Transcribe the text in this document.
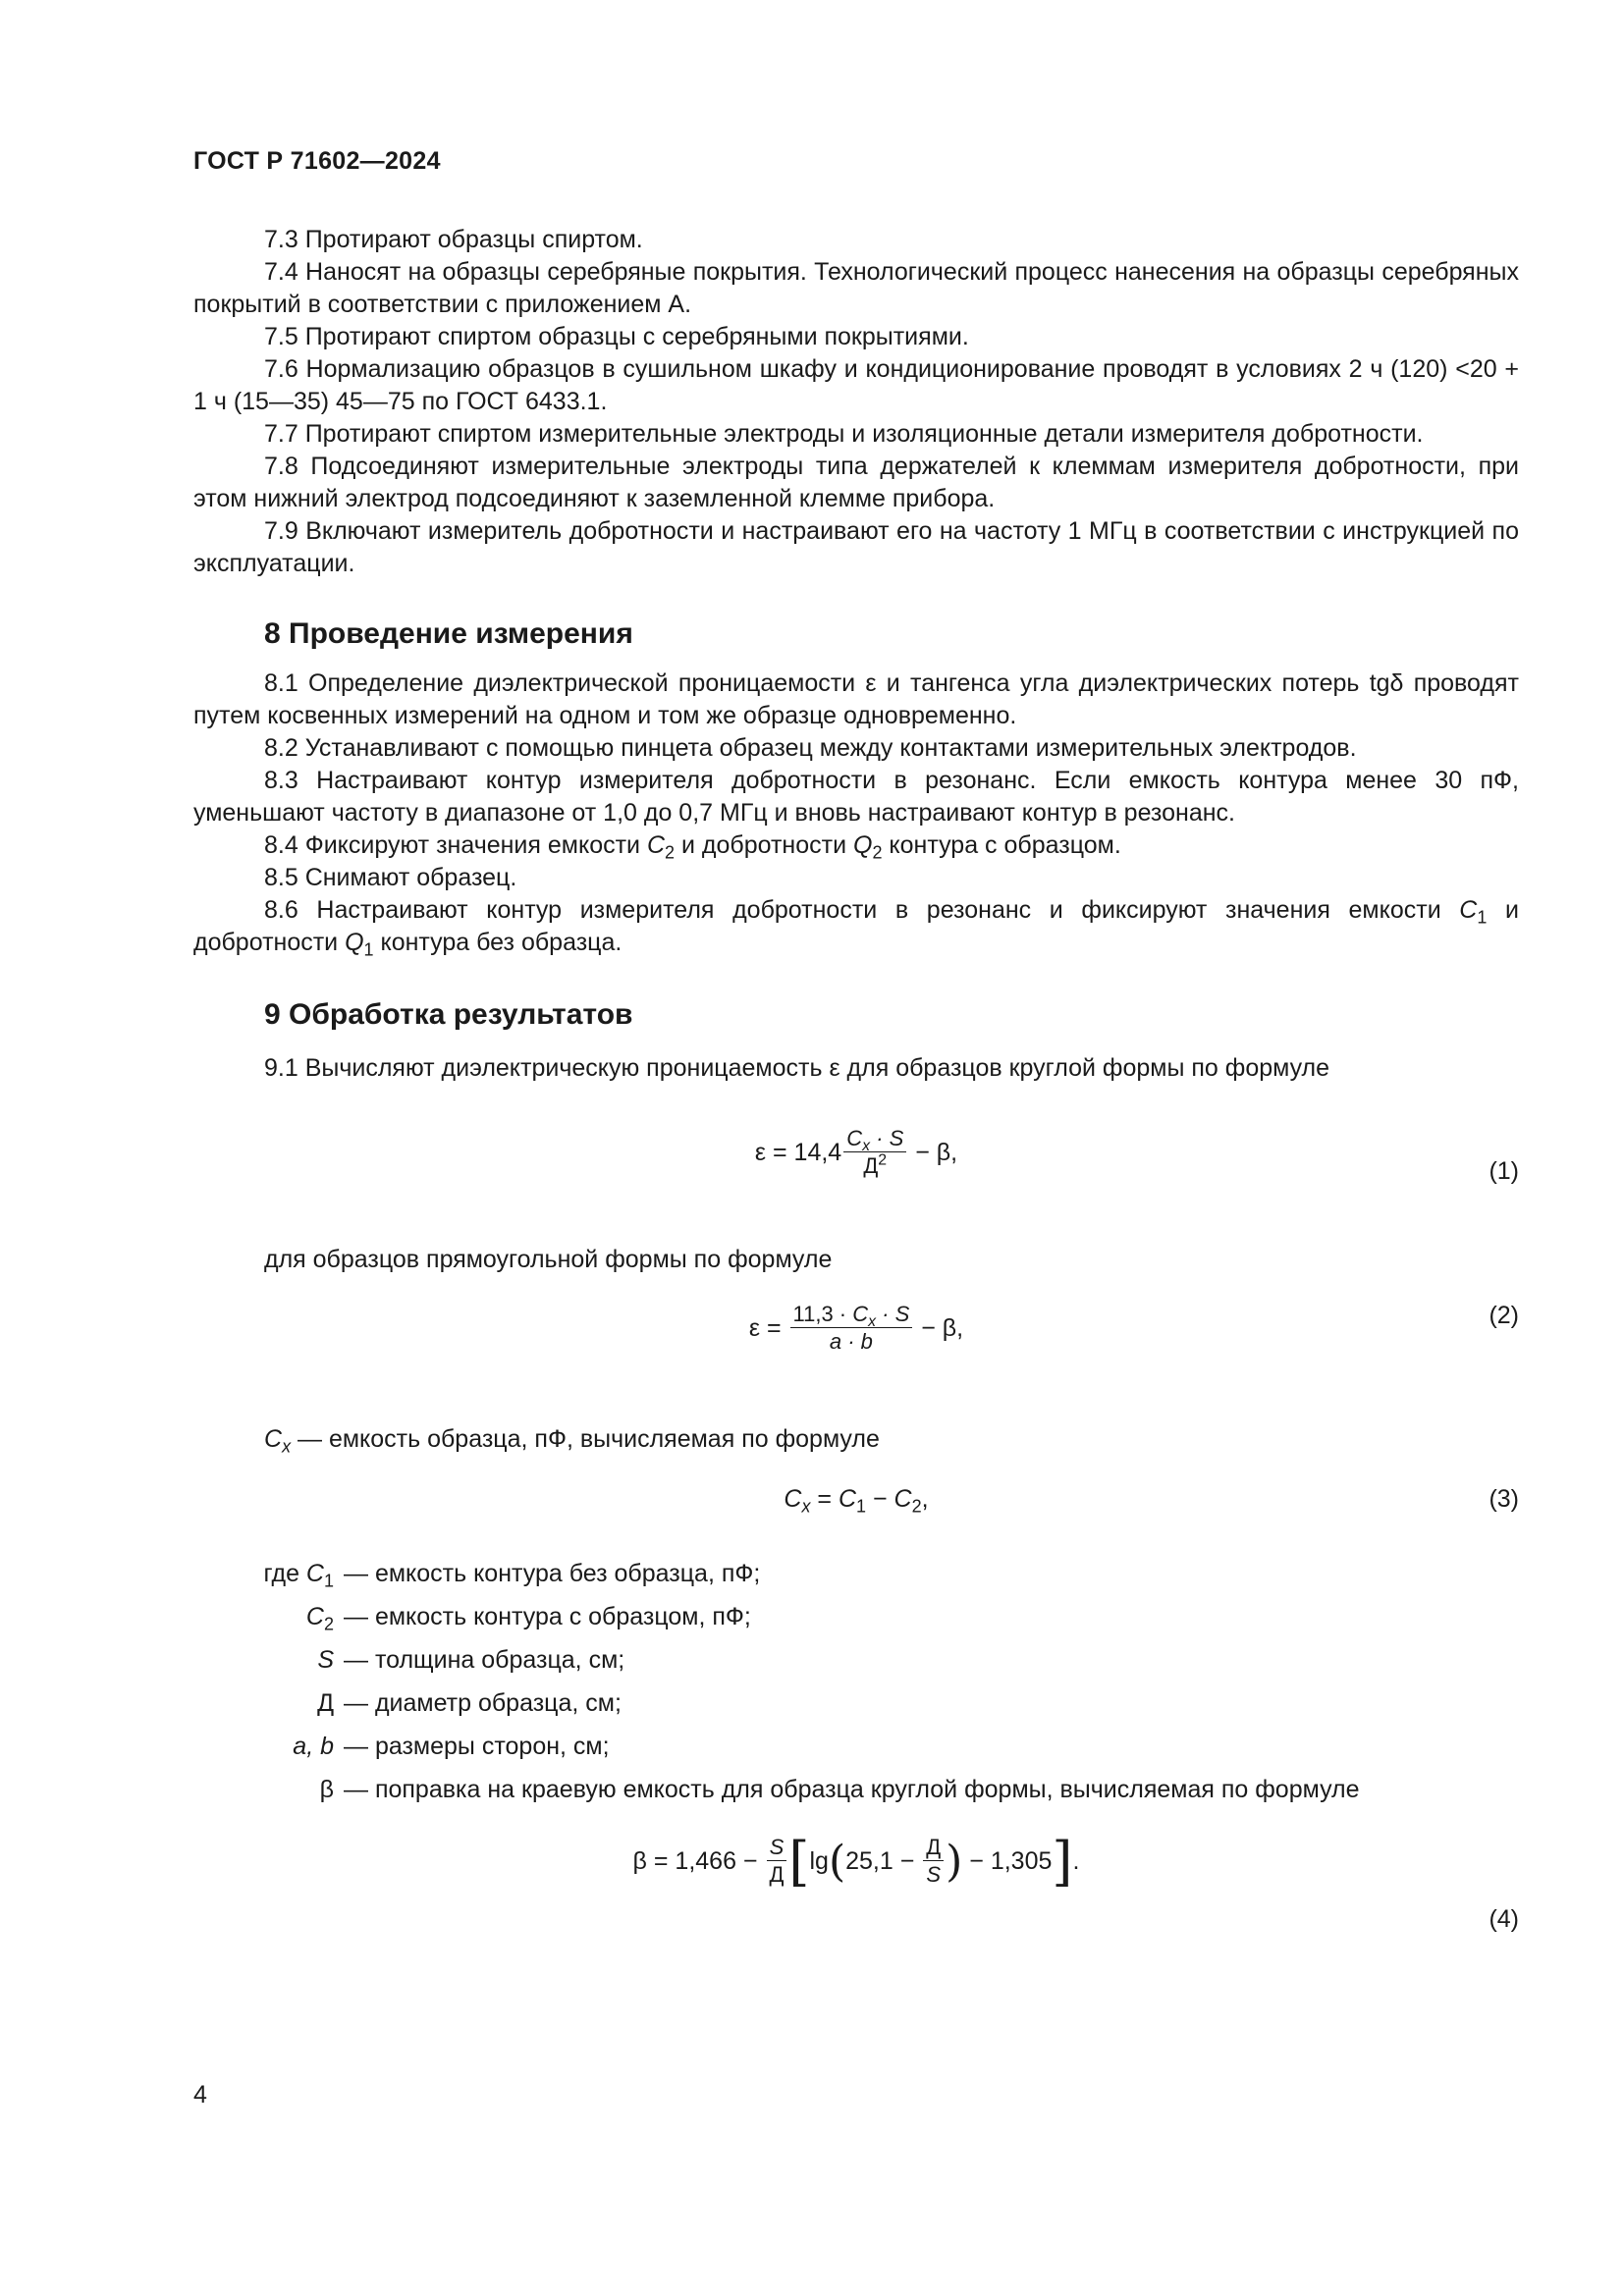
ГОСТ Р 71602—2024

7.3 Протирают образцы спиртом.

7.4 Наносят на образцы серебряные покрытия. Технологический процесс нанесения на образцы серебряных покрытий в соответствии с приложением А.

7.5 Протирают спиртом образцы с серебряными покрытиями.

7.6 Нормализацию образцов в сушильном шкафу и кондиционирование проводят в условиях 2 ч (120) <20 + 1 ч (15—35) 45—75 по ГОСТ 6433.1.

7.7 Протирают спиртом измерительные электроды и изоляционные детали измерителя добротности.

7.8 Подсоединяют измерительные электроды типа держателей к клеммам измерителя добротности, при этом нижний электрод подсоединяют к заземленной клемме прибора.

7.9 Включают измеритель добротности и настраивают его на частоту 1 МГц в соответствии с инструкцией по эксплуатации.

8 Проведение измерения

8.1 Определение диэлектрической проницаемости ε и тангенса угла диэлектрических потерь tgδ проводят путем косвенных измерений на одном и том же образце одновременно.

8.2 Устанавливают с помощью пинцета образец между контактами измерительных электродов.

8.3 Настраивают контур измерителя добротности в резонанс. Если емкость контура менее 30 пФ, уменьшают частоту в диапазоне от 1,0 до 0,7 МГц и вновь настраивают контур в резонанс.

8.4 Фиксируют значения емкости $C_2$ и добротности $Q_2$ контура с образцом.

8.5 Снимают образец.

8.6 Настраивают контур измерителя добротности в резонанс и фиксируют значения емкости $C_1$ и добротности $Q_1$ контура без образца.

9 Обработка результатов

9.1 Вычисляют диэлектрическую проницаемость ε для образцов круглой формы по формуле

$\varepsilon = 14,4 \frac{C_x \cdot S}{Д^2} - \beta$,
(1)
для образцов прямоугольной формы по формуле
$\varepsilon = \frac{11,3 \cdot C_x \cdot S}{a \cdot b} - \beta$,	(2)
$C_x$ — емкость образца, пФ, вычисляемая по формуле
$C_x = C_1 - C_2$,	(3)
где $C_1$ — емкость контура без образца, пФ;
$C_2$ — емкость контура с образцом, пФ;
S — толщина образца, см;
Д — диаметр образца, см;
a, b — размеры сторон, см;
β — поправка на краевую емкость для образца круглой формы, вычисляемая по формуле
$\beta = 1,466 - \frac{S}{Д} [\lg(25,1 - \frac{Д}{S}$ ) − 1,305].
(4)
4
